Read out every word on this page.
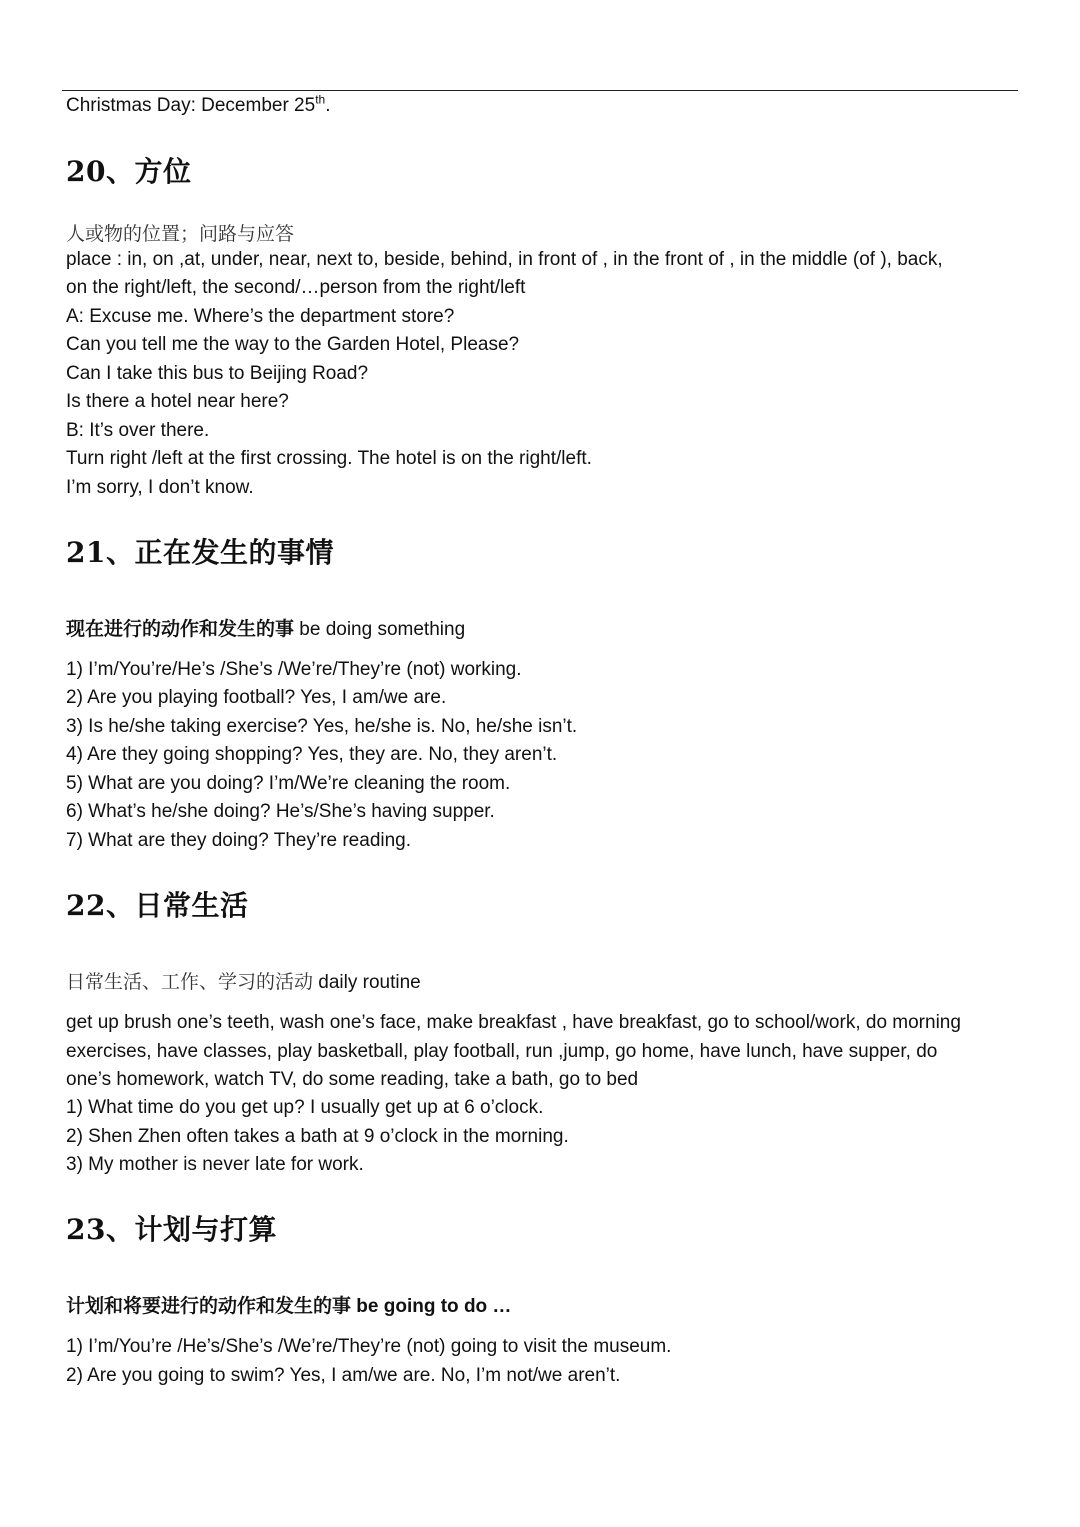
Christmas Day: December 25th.
20、方位
人或物的位置；问路与应答
place : in, on ,at, under, near, next to, beside, behind, in front of , in the front of , in the middle (of ), back,
on the right/left, the second/…person from the right/left
A: Excuse me. Where’s the department store?
Can you tell me the way to the Garden Hotel, Please?
Can I take this bus to Beijing Road?
Is there a hotel near here?
B: It’s over there.
Turn right /left at the first crossing. The hotel is on the right/left.
I’m sorry, I don’t know.
21、正在发生的事情
现在进行的动作和发生的事 be doing something
1) I’m/You’re/He’s /She’s /We’re/They’re (not) working.
2) Are you playing football? Yes, I am/we are.
3) Is he/she taking exercise? Yes, he/she is. No, he/she isn’t.
4) Are they going shopping? Yes, they are. No, they aren’t.
5) What are you doing? I’m/We’re cleaning the room.
6) What’s he/she doing? He’s/She’s having supper.
7) What are they doing? They’re reading.
22、日常生活
日常生活、工作、学习的活动 daily routine
get up brush one’s teeth, wash one’s face, make breakfast , have breakfast, go to school/work, do morning
exercises, have classes, play basketball, play football, run ,jump, go home, have lunch, have supper, do
one’s homework, watch TV, do some reading, take a bath, go to bed
1) What time do you get up? I usually get up at 6 o’clock.
2) Shen Zhen often takes a bath at 9 o’clock in the morning.
3) My mother is never late for work.
23、计划与打算
计划和将要进行的动作和发生的事 be going to do …
1) I’m/You’re /He’s/She’s /We’re/They’re (not) going to visit the museum.
2) Are you going to swim? Yes, I am/we are. No, I’m not/we aren’t.
